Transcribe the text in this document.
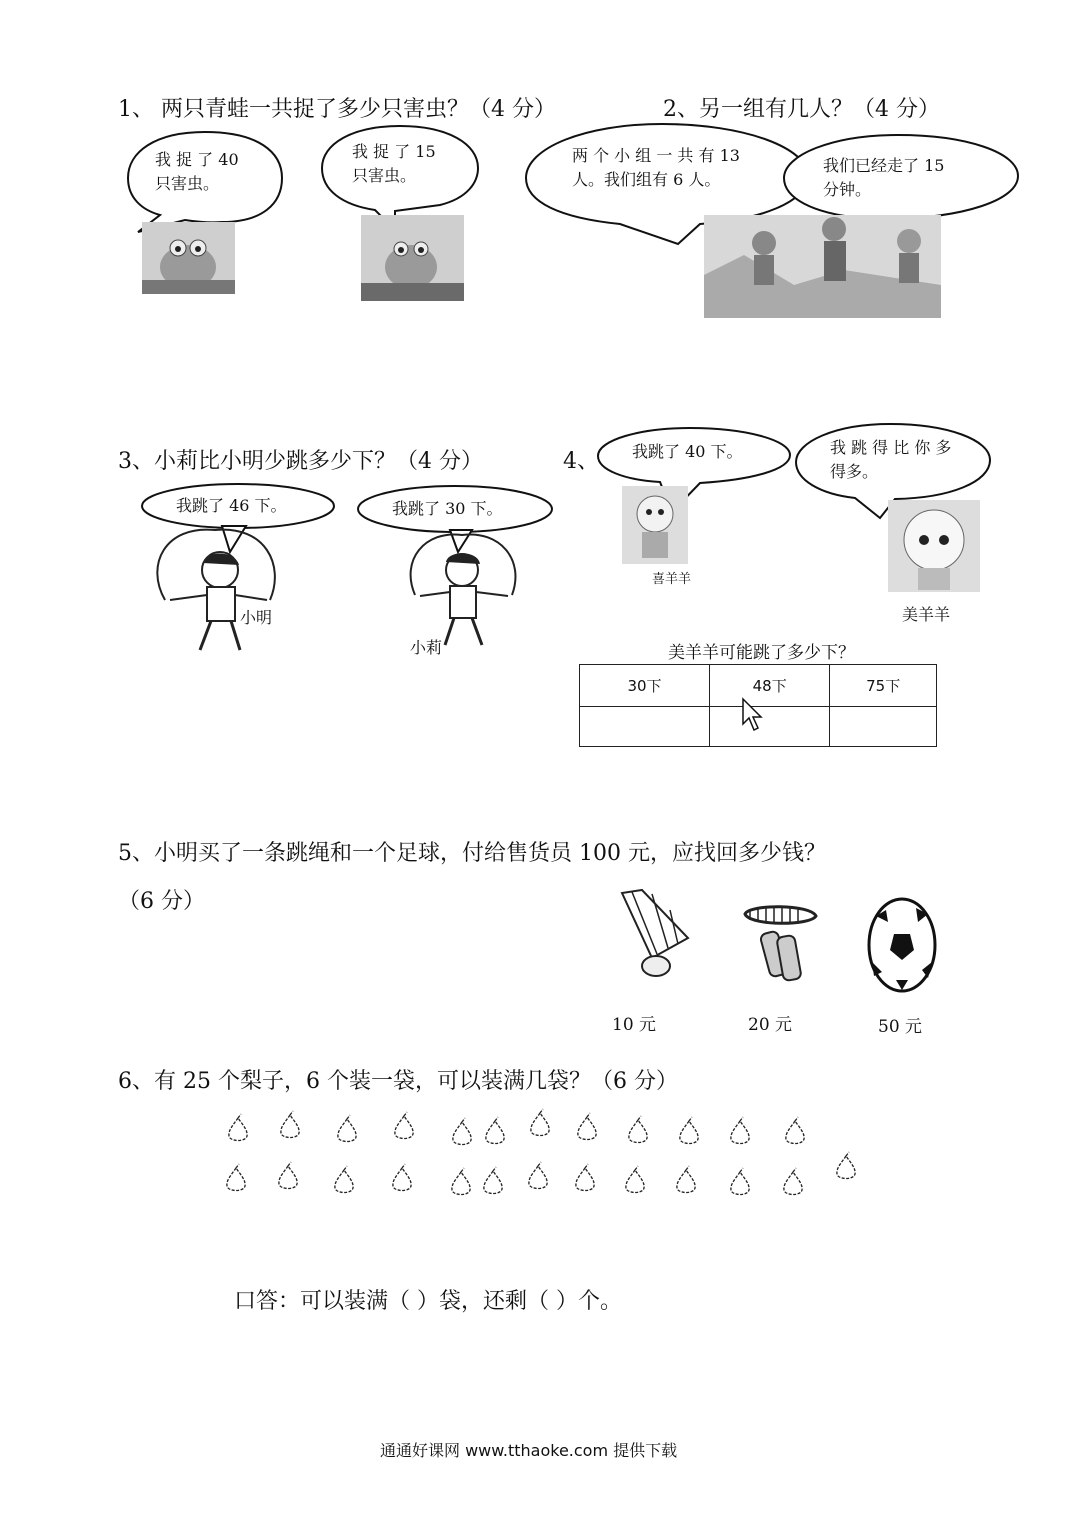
1、 两只青蛙一共捉了多少只害虫？（4 分）
我 捉 了 40
只害虫。
我 捉 了 15
只害虫。
2、另一组有几人？（4 分）
两 个 小 组 一 共 有 13
人。我们组有 6 人。
我们已经走了 15
分钟。
3、小莉比小明少跳多少下？（4 分）
我跳了 46 下。	我跳了 30 下。
小明
小莉
4、 我跳了 40 下。	我 跳 得 比 你 多
得多。
喜羊羊
美羊羊
美羊羊可能跳了多少下？
30下	48下	75下

5、小明买了一条跳绳和一个足球，付给售货员 100 元，应找回多少钱？
（6 分）
10 元	20 元	50 元
6、有 25 个梨子，6 个装一袋，可以装满几袋？（6 分）
口答：可以装满（ ）袋，还剩（ ）个。
通通好课网 www.tthaoke.com 提供下载
